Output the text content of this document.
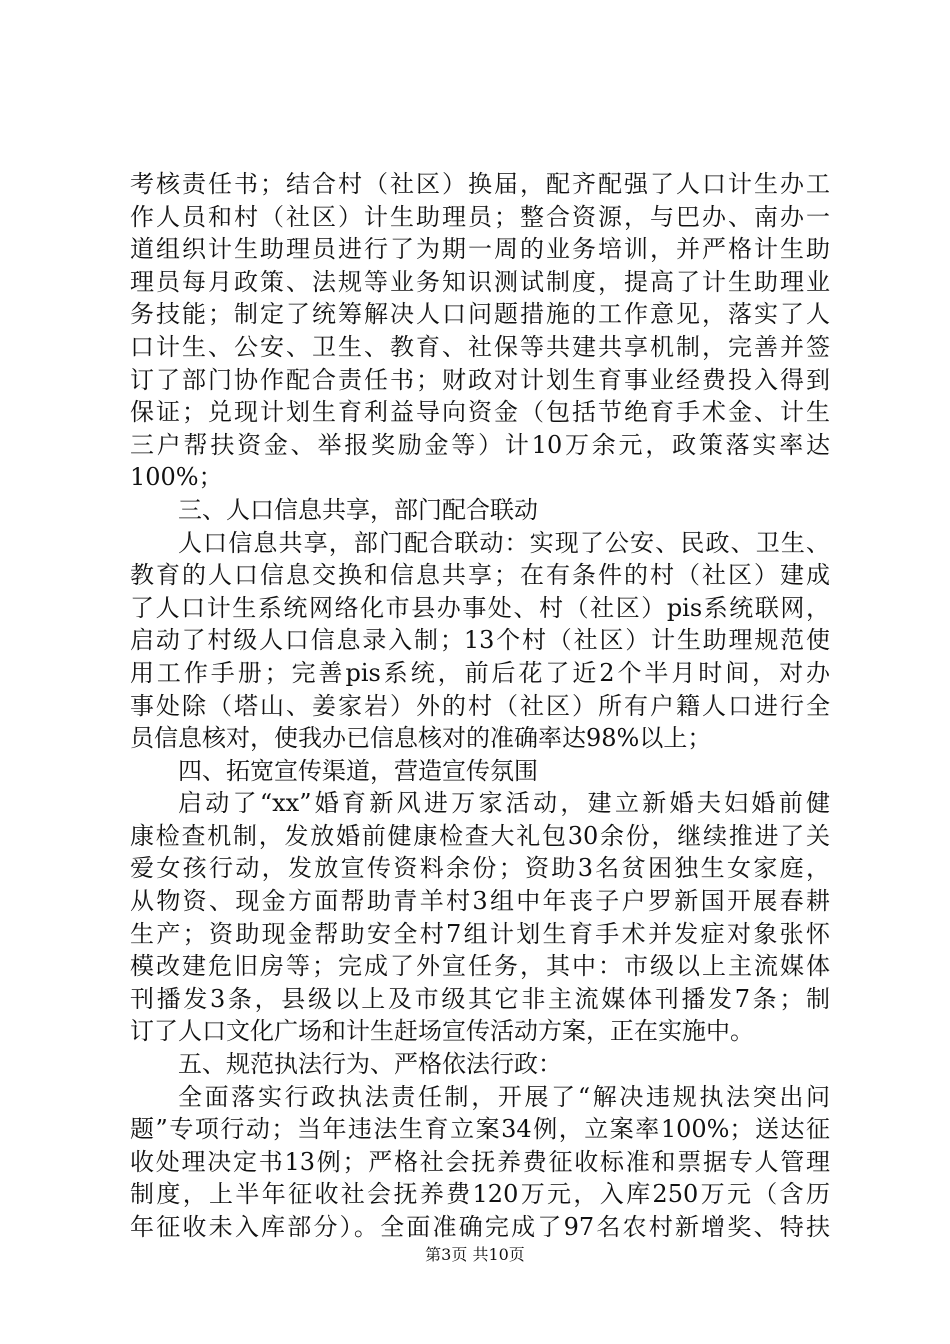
考核责任书；结合村（社区）换届，配齐配强了人口计生办工
作人员和村（社区）计生助理员；整合资源，与巴办、南办一
道组织计生助理员进行了为期一周的业务培训，并严格计生助
理员每月政策、法规等业务知识测试制度，提高了计生助理业
务技能；制定了统筹解决人口问题措施的工作意见，落实了人
口计生、公安、卫生、教育、社保等共建共享机制，完善并签
订了部门协作配合责任书；财政对计划生育事业经费投入得到
保证；兑现计划生育利益导向资金（包括节绝育手术金、计生
三户帮扶资金、举报奖励金等）计10万余元，政策落实率达
100%；
三、人口信息共享，部门配合联动
人口信息共享，部门配合联动：实现了公安、民政、卫生、
教育的人口信息交换和信息共享；在有条件的村（社区）建成
了人口计生系统网络化市县办事处、村（社区）pis系统联网，
启动了村级人口信息录入制；13个村（社区）计生助理规范使
用工作手册；完善pis系统，前后花了近2个半月时间，对办
事处除（塔山、姜家岩）外的村（社区）所有户籍人口进行全
员信息核对，使我办已信息核对的准确率达98%以上；
四、拓宽宣传渠道，营造宣传氛围
启动了“xx”婚育新风进万家活动，建立新婚夫妇婚前健
康检查机制，发放婚前健康检查大礼包30余份，继续推进了关
爱女孩行动，发放宣传资料余份；资助3名贫困独生女家庭，
从物资、现金方面帮助青羊村3组中年丧子户罗新国开展春耕
生产；资助现金帮助安全村7组计划生育手术并发症对象张怀
模改建危旧房等；完成了外宣任务，其中：市级以上主流媒体
刊播发3条，县级以上及市级其它非主流媒体刊播发7条；制
订了人口文化广场和计生赶场宣传活动方案，正在实施中。
五、规范执法行为、严格依法行政：
全面落实行政执法责任制，开展了“解决违规执法突出问
题”专项行动；当年违法生育立案34例，立案率100%；送达征
收处理决定书13例；严格社会抚养费征收标准和票据专人管理
制度，上半年征收社会抚养费120万元，入库250万元（含历
年征收未入库部分）。全面准确完成了97名农村新增奖、特扶
第3页 共10页
